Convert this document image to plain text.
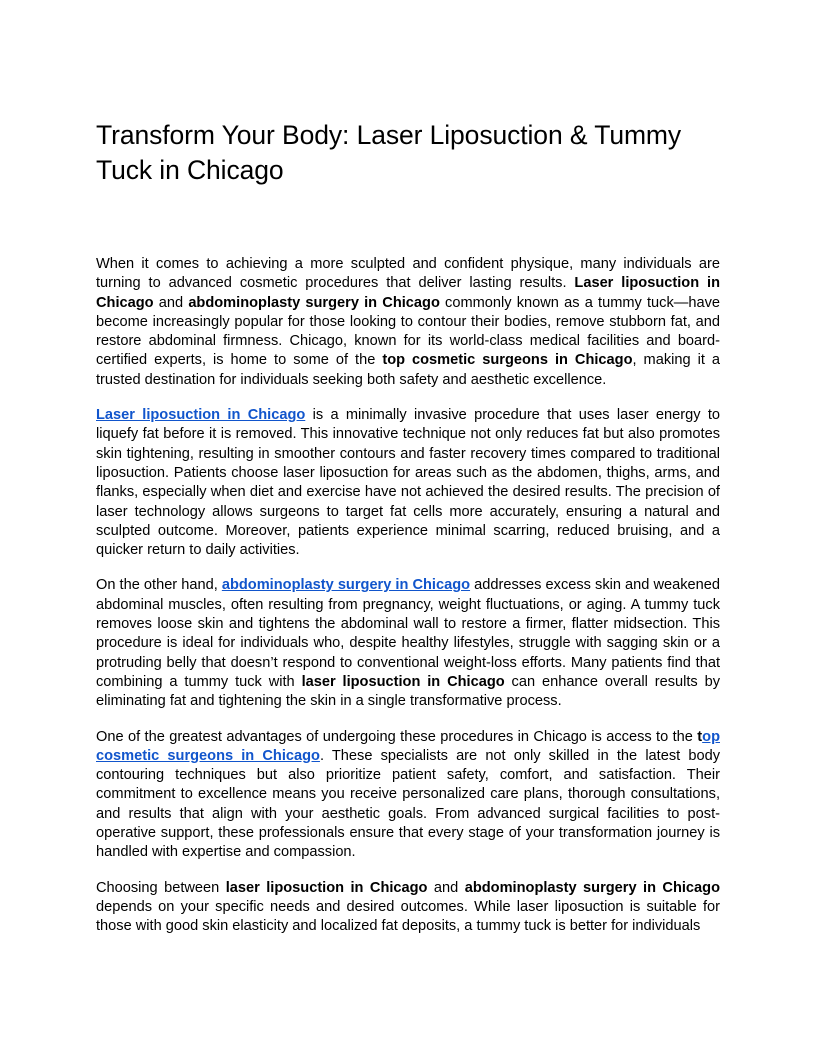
Transform Your Body: Laser Liposuction & Tummy Tuck in Chicago

When it comes to achieving a more sculpted and confident physique, many individuals are turning to advanced cosmetic procedures that deliver lasting results. Laser liposuction in Chicago and abdominoplasty surgery in Chicago commonly known as a tummy tuck—have become increasingly popular for those looking to contour their bodies, remove stubborn fat, and restore abdominal firmness. Chicago, known for its world-class medical facilities and board-certified experts, is home to some of the top cosmetic surgeons in Chicago, making it a trusted destination for individuals seeking both safety and aesthetic excellence.

Laser liposuction in Chicago is a minimally invasive procedure that uses laser energy to liquefy fat before it is removed. This innovative technique not only reduces fat but also promotes skin tightening, resulting in smoother contours and faster recovery times compared to traditional liposuction. Patients choose laser liposuction for areas such as the abdomen, thighs, arms, and flanks, especially when diet and exercise have not achieved the desired results. The precision of laser technology allows surgeons to target fat cells more accurately, ensuring a natural and sculpted outcome. Moreover, patients experience minimal scarring, reduced bruising, and a quicker return to daily activities.

On the other hand, abdominoplasty surgery in Chicago addresses excess skin and weakened abdominal muscles, often resulting from pregnancy, weight fluctuations, or aging. A tummy tuck removes loose skin and tightens the abdominal wall to restore a firmer, flatter midsection. This procedure is ideal for individuals who, despite healthy lifestyles, struggle with sagging skin or a protruding belly that doesn’t respond to conventional weight-loss efforts. Many patients find that combining a tummy tuck with laser liposuction in Chicago can enhance overall results by eliminating fat and tightening the skin in a single transformative process.

One of the greatest advantages of undergoing these procedures in Chicago is access to the top cosmetic surgeons in Chicago. These specialists are not only skilled in the latest body contouring techniques but also prioritize patient safety, comfort, and satisfaction. Their commitment to excellence means you receive personalized care plans, thorough consultations, and results that align with your aesthetic goals. From advanced surgical facilities to post-operative support, these professionals ensure that every stage of your transformation journey is handled with expertise and compassion.

Choosing between laser liposuction in Chicago and abdominoplasty surgery in Chicago depends on your specific needs and desired outcomes. While laser liposuction is suitable for those with good skin elasticity and localized fat deposits, a tummy tuck is better for individuals
